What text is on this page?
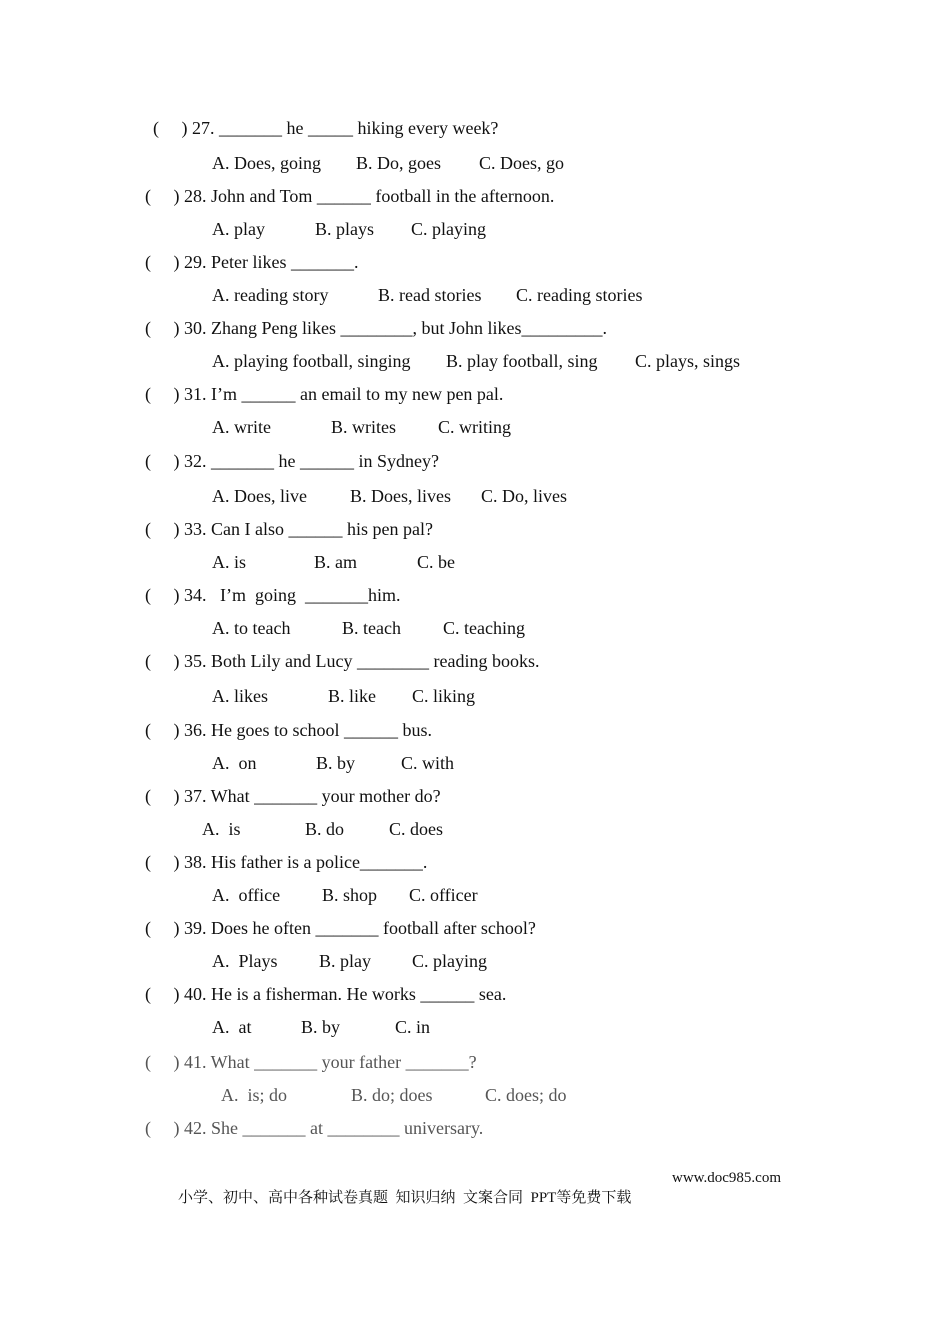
(     ) 27. _______ he _____ hiking every week?

A. Does, going

B. Do, goes

C. Does, go

(     ) 28. John and Tom ______ football in the afternoon.

A. play

	B. plays

C. playing

(     ) 29. Peter likes _______.

A. reading story

	B. read stories

C. reading stories

(     ) 30. Zhang Peng likes ________, but John likes_________.

A. playing football, singing

B. play football, sing

C. plays, sings

(     ) 31. I’m ______ an email to my new pen pal.

A. write

	B. writes

C. writing

(     ) 32. _______ he ______ in Sydney?

A. Does, live

B. Does, lives

C. Do, lives

(     ) 33. Can I also ______ his pen pal?

A. is

	B. am

	C. be

(     ) 34.   I’m  going  _______him.

A. to teach

	B. teach

C. teaching

(     ) 35. Both Lily and Lucy ________ reading books.

A. likes

	B. like

C. liking

(     ) 36. He goes to school ______ bus.

A.  on

	B. by

	C. with

(     ) 37. What _______ your mother do?

A.  is

	B. do

C. does

(     ) 38. His father is a police_______.

A.  office

B. shop

C. officer

(     ) 39. Does he often _______ football after school?

A.  Plays

B. play

C. playing

(     ) 40. He is a fisherman. He works ______ sea.

A.  at

	B. by

	C. in

(     ) 41. What _______ your father _______?

A.  is; do

	B. do; does

	C. does; do

(     ) 42. She _______ at ________ universary.

小学、初中、高中各种试卷真题  知识归纳  文案合同  PPT等免费下载

www.doc985.com
